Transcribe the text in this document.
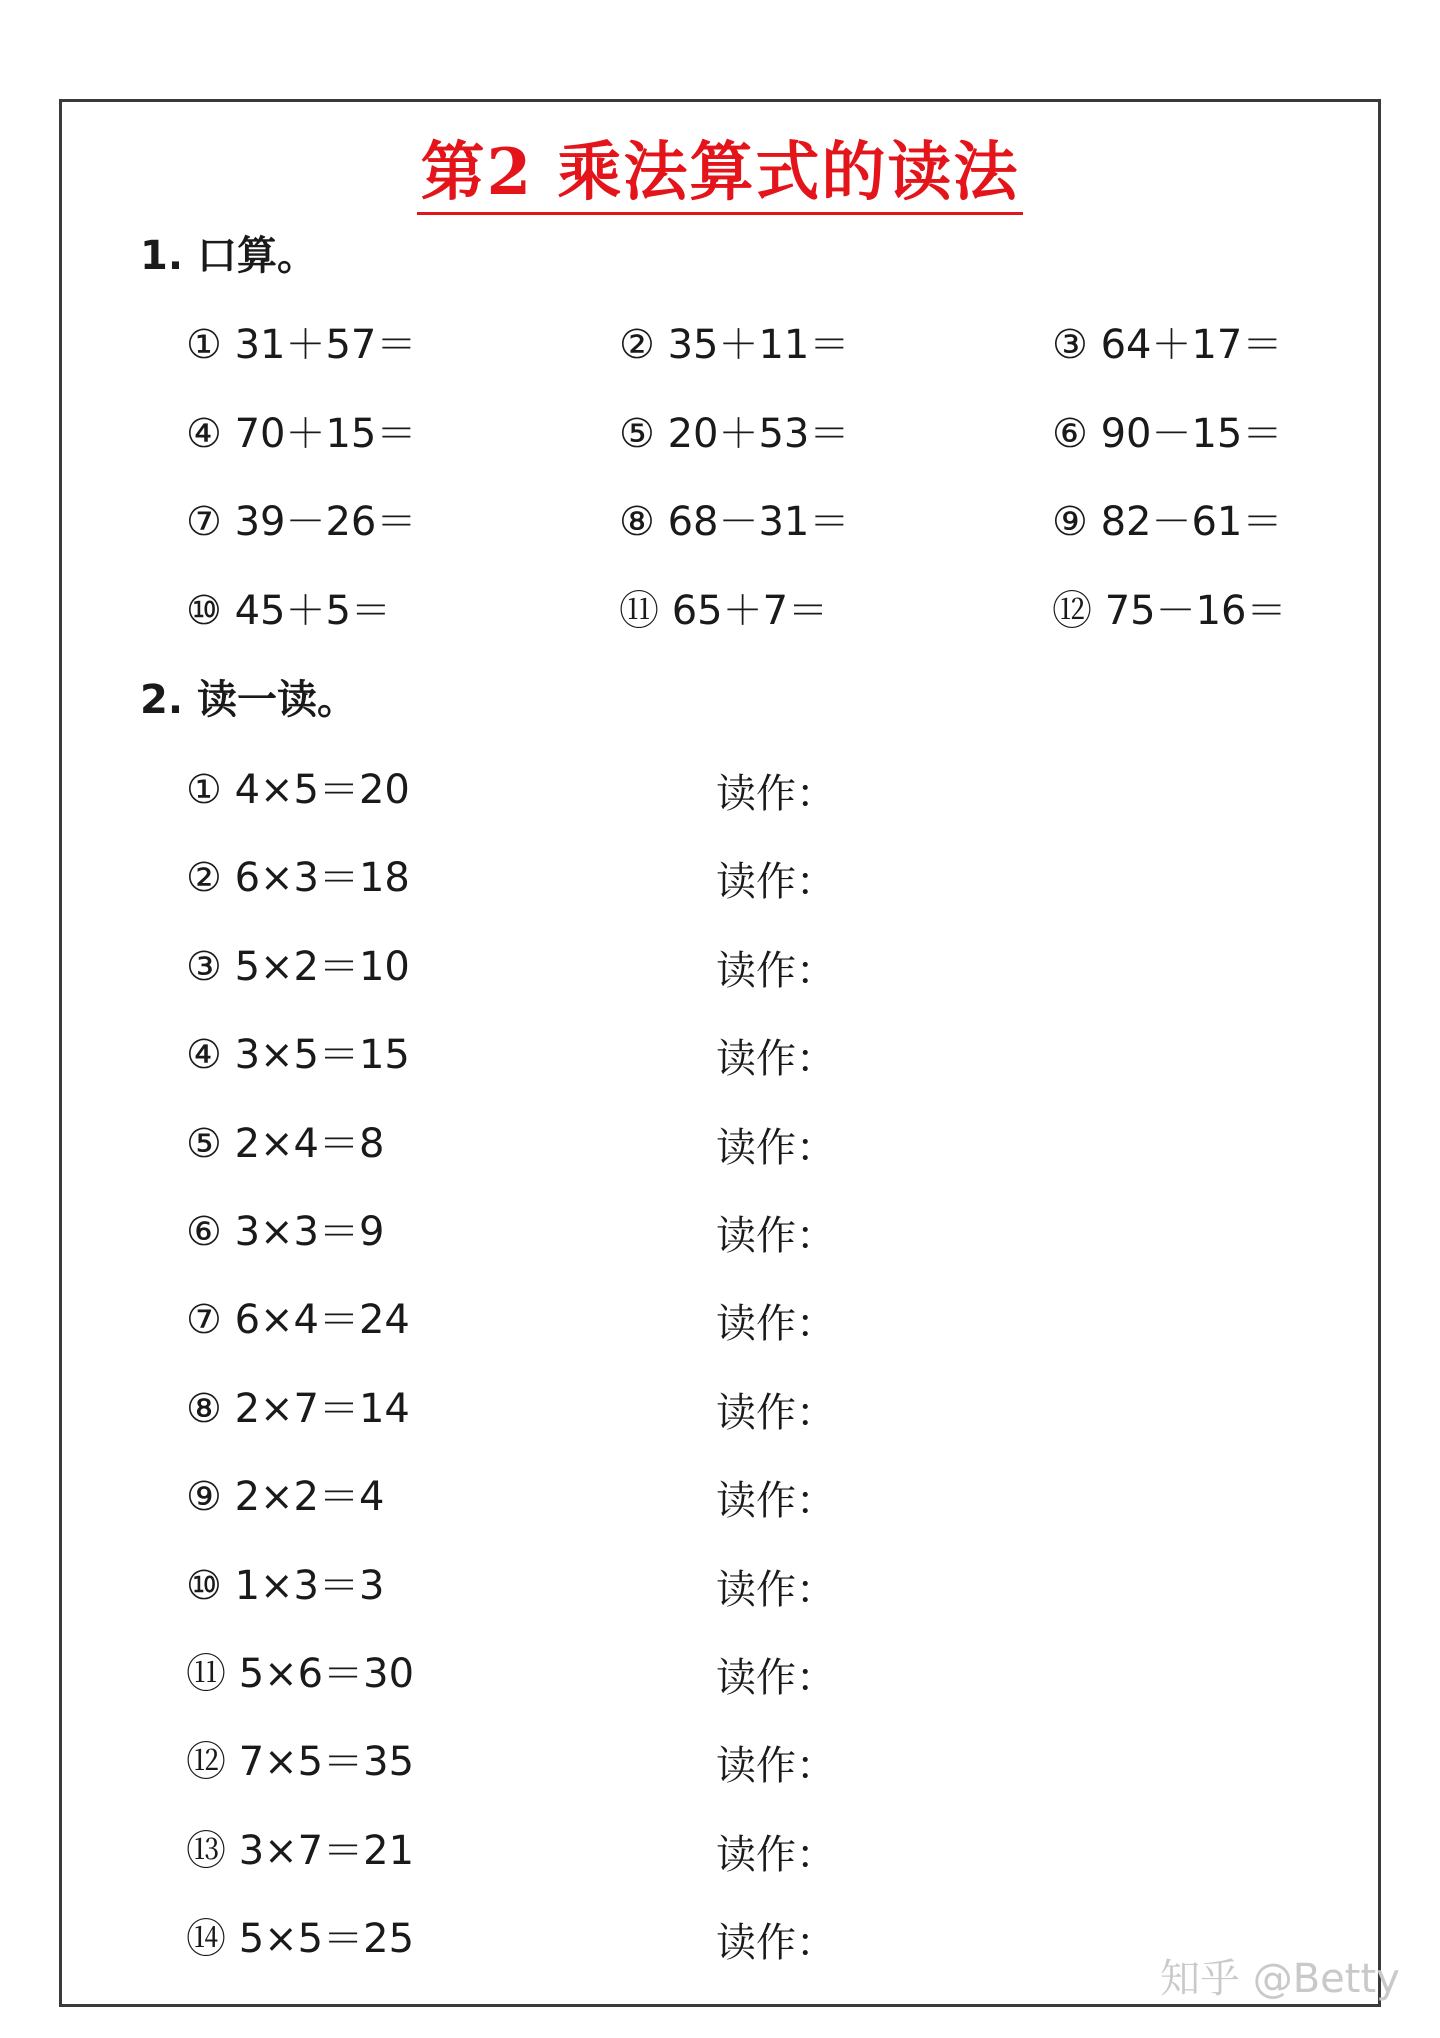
第2 乘法算式的读法
1. 口算。
① 31＋57＝	② 35＋11＝	③ 64＋17＝
④ 70＋15＝	⑤ 20＋53＝	⑥ 90－15＝
⑦ 39－26＝	⑧ 68－31＝	⑨ 82－61＝
⑩ 45＋5＝	⑪ 65＋7＝	⑫ 75－16＝
2. 读一读。
① 4×5＝20	读作：
② 6×3＝18	读作：
③ 5×2＝10	读作：
④ 3×5＝15	读作：
⑤ 2×4＝8	读作：
⑥ 3×3＝9	读作：
⑦ 6×4＝24	读作：
⑧ 2×7＝14	读作：
⑨ 2×2＝4	读作：
⑩ 1×3＝3	读作：
⑪ 5×6＝30	读作：
⑫ 7×5＝35	读作：
⑬ 3×7＝21	读作：
⑭ 5×5＝25	读作：
知乎 @Betty
